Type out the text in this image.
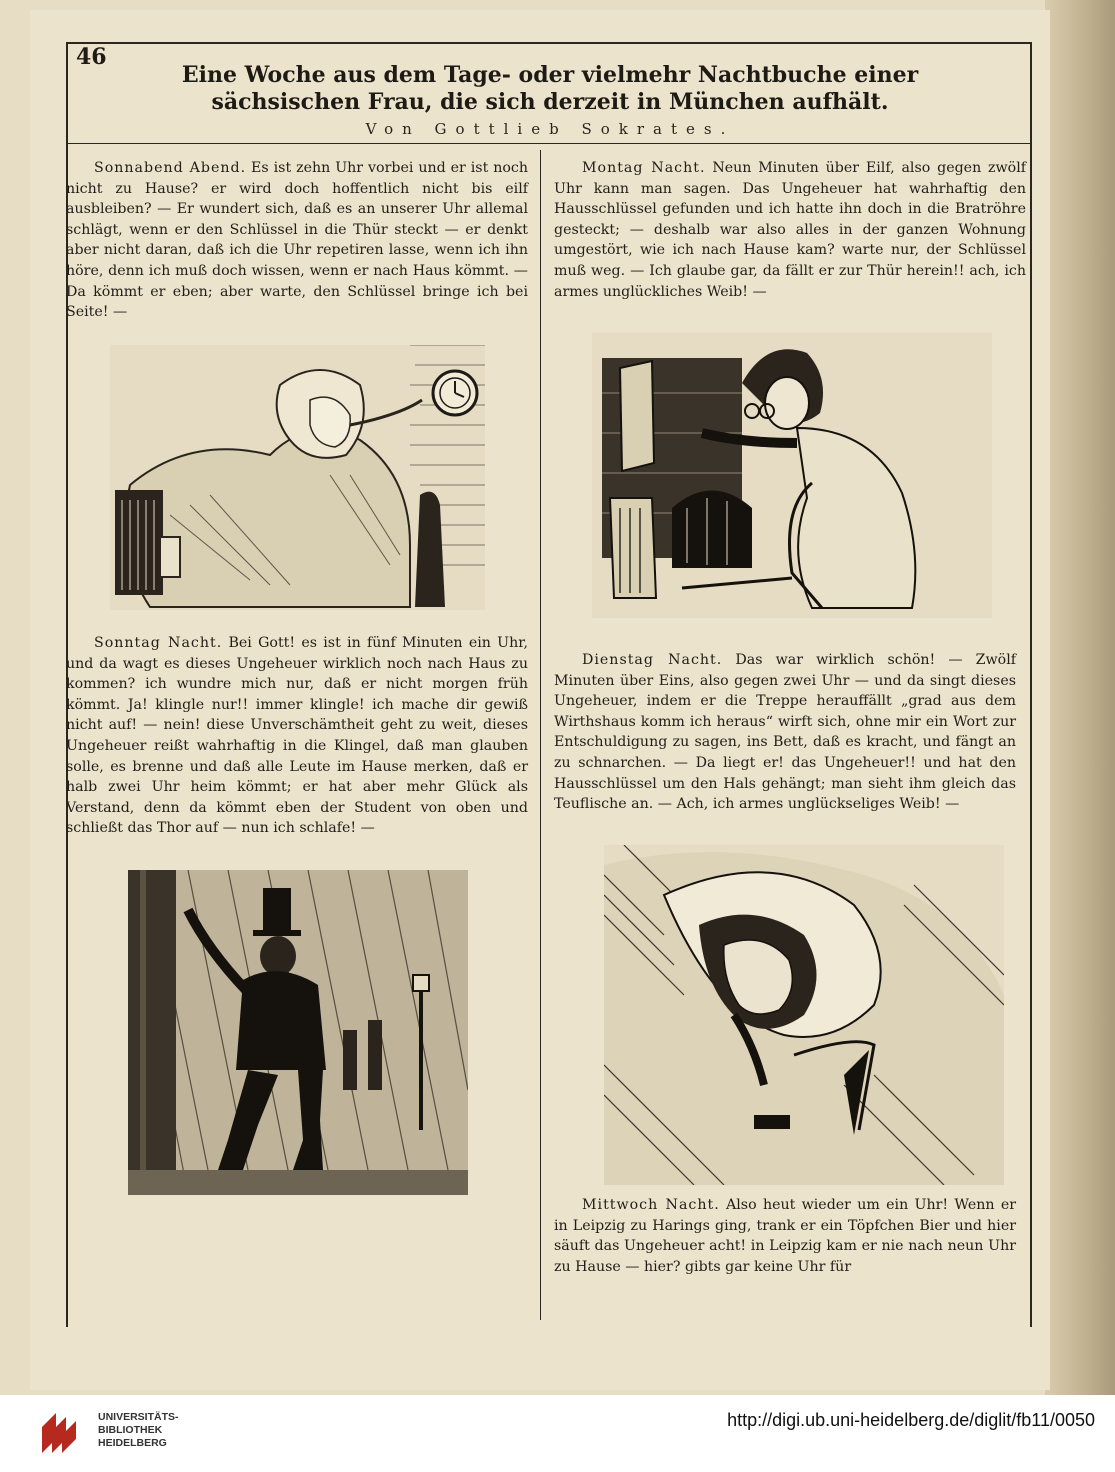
46
Eine Woche aus dem Tage- oder vielmehr Nachtbuche einer sächsischen Frau, die sich derzeit in München aufhält.
Von Gottlieb Sokrates.

Sonnabend Abend. Es ist zehn Uhr vorbei und er ist noch nicht zu Hause? er wird doch hoffentlich nicht bis eilf ausbleiben? — Er wundert sich, daß es an unserer Uhr allemal schlägt, wenn er den Schlüssel in die Thür steckt — er denkt aber nicht daran, daß ich die Uhr repetiren lasse, wenn ich ihn höre, denn ich muß doch wissen, wenn er nach Haus kömmt. — Da kömmt er eben; aber warte, den Schlüssel bringe ich bei Seite! —

Sonntag Nacht. Bei Gott! es ist in fünf Minuten ein Uhr, und da wagt es dieses Ungeheuer wirklich noch nach Haus zu kommen? ich wundre mich nur, daß er nicht morgen früh kömmt. Ja! klingle nur!! immer klingle! ich mache dir gewiß nicht auf! — nein! diese Unverschämtheit geht zu weit, dieses Ungeheuer reißt wahrhaftig in die Klingel, daß man glauben solle, es brenne und daß alle Leute im Hause merken, daß er halb zwei Uhr heim kömmt; er hat aber mehr Glück als Verstand, denn da kömmt eben der Student von oben und schließt das Thor auf — nun ich schlafe! —

Montag Nacht. Neun Minuten über Eilf, also gegen zwölf Uhr kann man sagen. Das Ungeheuer hat wahrhaftig den Hausschlüssel gefunden und ich hatte ihn doch in die Bratröhre gesteckt; — deshalb war also alles in der ganzen Wohnung umgestört, wie ich nach Hause kam? warte nur, der Schlüssel muß weg. — Ich glaube gar, da fällt er zur Thür herein!! ach, ich armes unglückliches Weib! —

Dienstag Nacht. Das war wirklich schön! — Zwölf Minuten über Eins, also gegen zwei Uhr — und da singt dieses Ungeheuer, indem er die Treppe herauffällt „grad aus dem Wirthshaus komm ich heraus“ wirft sich, ohne mir ein Wort zur Entschuldigung zu sagen, ins Bett, daß es kracht, und fängt an zu schnarchen. — Da liegt er! das Ungeheuer!! und hat den Hausschlüssel um den Hals gehängt; man sieht ihm gleich das Teuflische an. — Ach, ich armes unglückseliges Weib! —

Mittwoch Nacht. Also heut wieder um ein Uhr! Wenn er in Leipzig zu Harings ging, trank er ein Töpfchen Bier und hier säuft das Ungeheuer acht! in Leipzig kam er nie nach neun Uhr zu Hause — hier? gibts gar keine Uhr für

UNIVERSITÄTS-
BIBLIOTHEK
HEIDELBERG
http://digi.ub.uni-heidelberg.de/diglit/fb11/0050
